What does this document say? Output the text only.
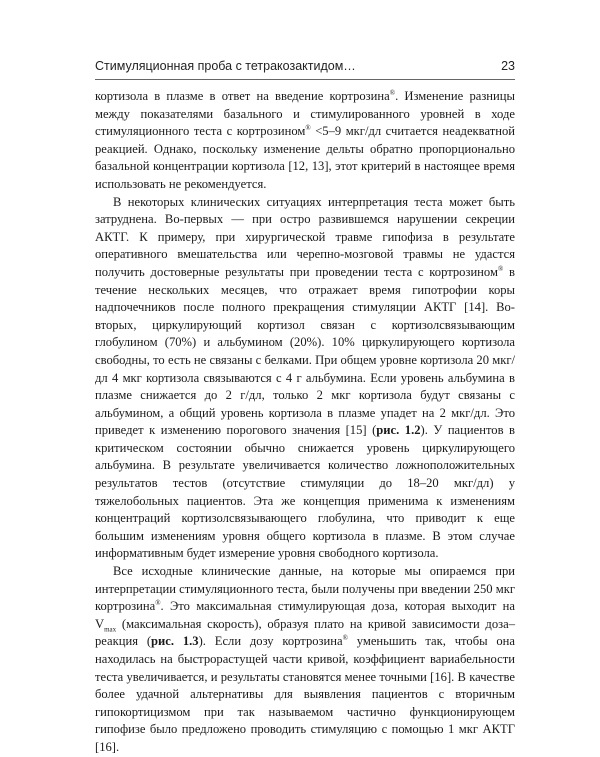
Стимуляционная проба с тетракозактидом…	23

кортизола в плазме в ответ на введение кортрозина®. Изменение разницы между показателями базального и стимулированного уровней в ходе стимуляционного теста с кортрозином® <5–9 мкг/дл считается неадекватной реакцией. Однако, поскольку изменение дельты обратно пропорционально базальной концентрации кортизола [12, 13], этот критерий в настоящее время использовать не рекомендуется.

В некоторых клинических ситуациях интерпретация теста может быть затруднена. Во-первых — при остро развившемся нарушении секреции АКТГ. К примеру, при хирургической травме гипофиза в результате оперативного вмешательства или черепно-мозговой травмы не удастся получить достоверные результаты при проведении теста с кортрозином® в течение нескольких месяцев, что отражает время гипотрофии коры надпочечников после полного прекращения стимуляции АКТГ [14]. Во-вторых, циркулирующий кортизол связан с кортизолсвязывающим глобулином (70%) и альбумином (20%). 10% циркулирующего кортизола свободны, то есть не связаны с белками. При общем уровне кортизола 20 мкг/дл 4 мкг кортизола связываются с 4 г альбумина. Если уровень альбумина в плазме снижается до 2 г/дл, только 2 мкг кортизола будут связаны с альбумином, а общий уровень кортизола в плазме упадет на 2 мкг/дл. Это приведет к изменению порогового значения [15] (рис. 1.2). У пациентов в критическом состоянии обычно снижается уровень циркулирующего альбумина. В результате увеличивается количество ложноположительных результатов тестов (отсутствие стимуляции до 18–20 мкг/дл) у тяжелобольных пациентов. Эта же концепция применима к изменениям концентраций кортизолсвязывающего глобулина, что приводит к еще большим изменениям уровня общего кортизола в плазме. В этом случае информативным будет измерение уровня свободного кортизола.

Все исходные клинические данные, на которые мы опираемся при интерпретации стимуляционного теста, были получены при введении 250 мкг кортрозина®. Это максимальная стимулирующая доза, которая выходит на $V_{max}$ (максимальная скорость), образуя плато на кривой зависимости доза–реакция (рис. 1.3). Если дозу кортрозина® уменьшить так, чтобы она находилась на быстрорастущей части кривой, коэффициент вариабельности теста увеличивается, и результаты становятся менее точными [16]. В качестве более удачной альтернативы для выявления пациентов с вторичным гипокортицизмом при так называемом частично функционирующем гипофизе было предложено проводить стимуляцию с помощью 1 мкг АКТГ [16].
